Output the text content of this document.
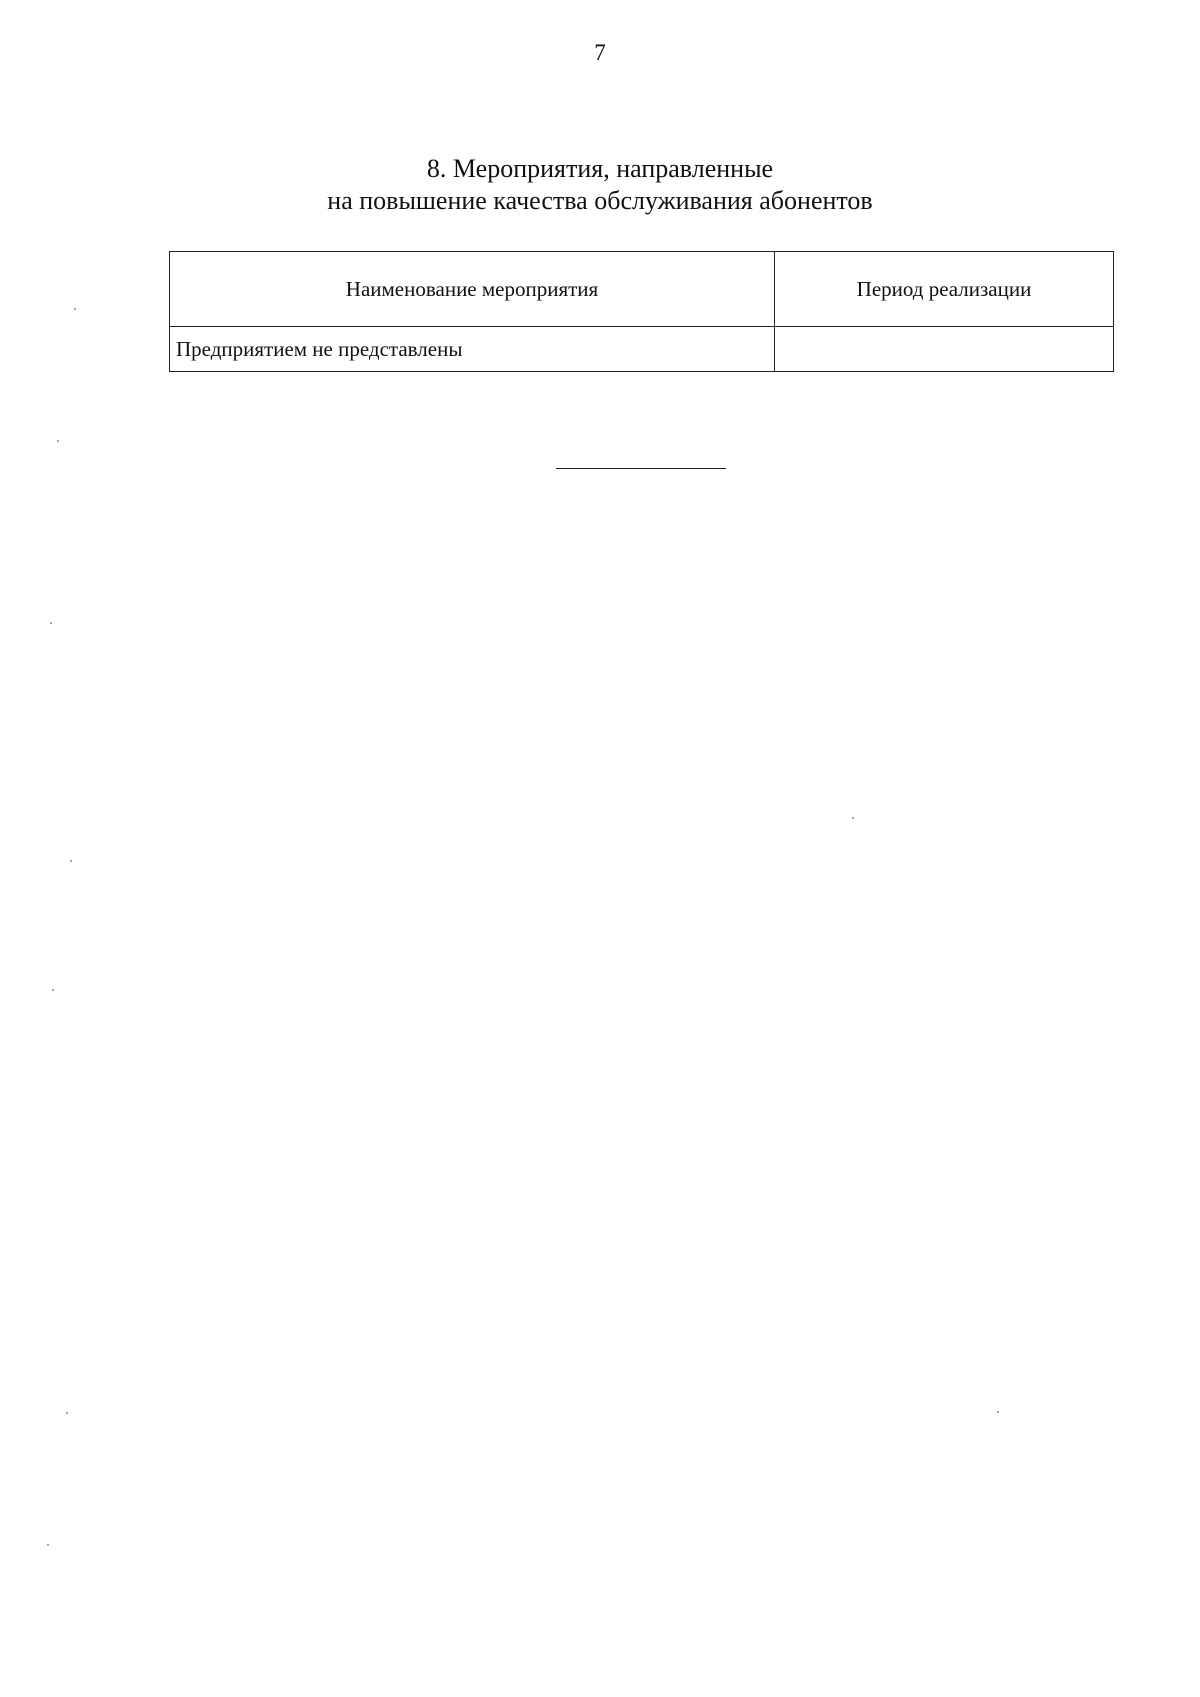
7
8. Мероприятия, направленные
на повышение качества обслуживания абонентов
Наименование мероприятия	Период реализации
Предприятием не представлены	
